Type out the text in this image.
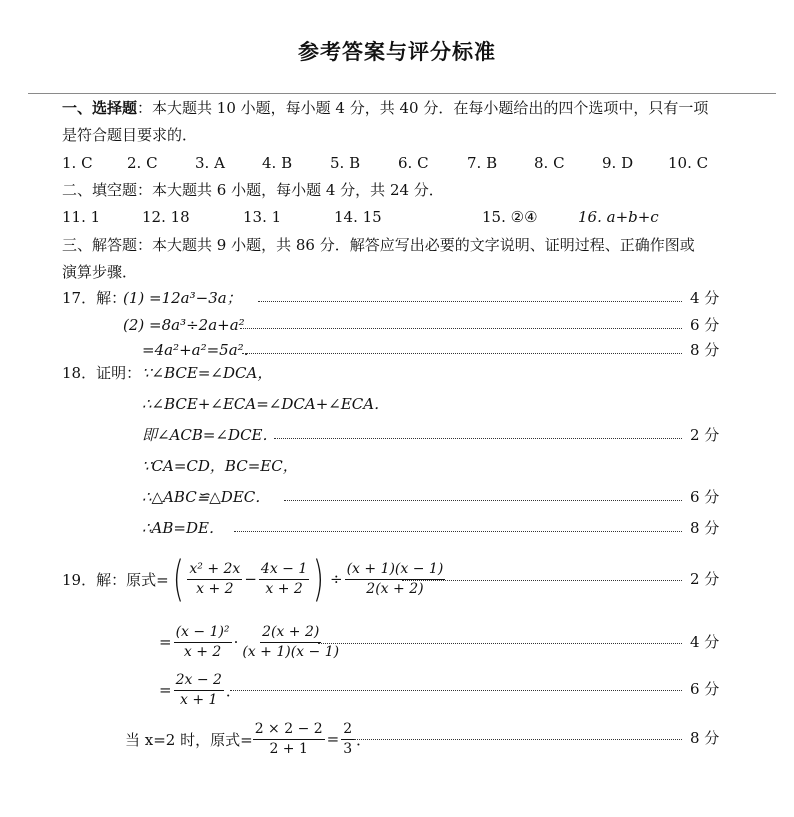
参考答案与评分标准
一、选择题：本大题共 10 小题，每小题 4 分，共 40 分．在每小题给出的四个选项中，只有一项
是符合题目要求的．
1. C 2. C 3. A 4. B	5. B	6. C	7. B 8. C 9. D 10. C
二、填空题：本大题共 6 小题，每小题 4 分，共 24 分．
11. 1	12. 18	13. 1	14. 15	15. ②④	16. a+b+c
三、解答题：本大题共 9 小题，共 86 分．解答应写出必要的文字说明、证明过程、正确作图或
演算步骤．
17．解：
(1) =12a³−3a；	4 分
(2) =8a³÷2a+a²	6 分
=4a²+a²=5a²．	8 分
18．证明： ∵∠BCE=∠DCA，
∴∠BCE+∠ECA=∠DCA+∠ECA．
即∠ACB=∠DCE．	2 分
∵CA=CD，BC=EC，
∴△ABC≌△DEC．	6 分
∴AB=DE．	8 分
19．解：原式= ( $\frac{\text{x² + 2x}}{x + 2} - \frac{4x - 1}{x + 2}$ ) ÷ $\frac{(x + 1)(x - 1)}{2(x + 2)}$	2 分
= $\frac{\text{(x − 1)²}}{x + 2} \cdot \frac{2(x + 2)}{(x + 1)(x - 1)}$	4 分
= $\frac{2x - 2}{x + 1}$ ．	6 分
当 x=2 时，原式= $\frac{2 \times 2 - 2}{2 + 1} = \frac{2}{3}$ ．	8 分
